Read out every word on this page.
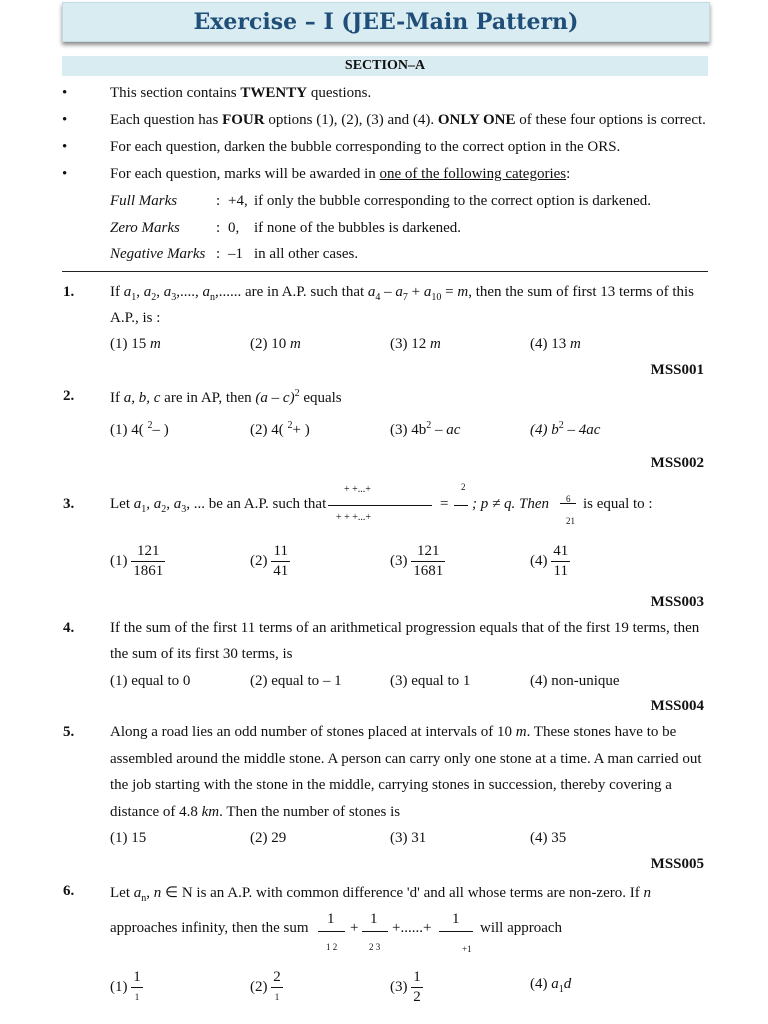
Exercise – I (JEE-Main Pattern)
SECTION–A
•	This section contains TWENTY questions.
•	Each question has FOUR options (1), (2), (3) and (4). ONLY ONE of these four options is correct.
•	For each question, darken the bubble corresponding to the correct option in the ORS.
•	For each question, marks will be awarded in one of the following categories:
Full Marks	: +4, if only the bubble corresponding to the correct option is darkened.
Zero Marks : 0, if none of the bubbles is darkened.
Negative Marks : –1 in all other cases.
1. If $a_1$, $a_2$, $a_3$,...., $a_n$,...... are in A.P. such that $a_4 - a_7 + a_{10} = m$, then the sum of first 13 terms of this
A.P., is :
(1) 15 m	(2) 10 m	(3) 12 m	(4) 13 m
MSS001
2. If a, b, c are in AP, then (a – c)$^2$ equals
(1) 4( $^2$– )	(2) 4( $^2$+ )	(3) $4b^2$ – ac	(4) $b^2 - 4ac$
MSS002
3. Let $a_1$, $a_2$, $a_3$, ... be an A.P. such that
+ +...+
+ + +...+
=
2
; p ≠ q. Then 6
21
is equal to :
$(1) \frac{121}{1861}$	$(2) \frac{11}{41}$	$(3) \frac{121}{1681}$	$(4) \frac{41}{11}$
MSS003
4. If the sum of the first 11 terms of an arithmetical progression equals that of the first 19 terms, then
the sum of its first 30 terms, is
(1) equal to 0	(2) equal to – 1	(3) equal to 1	(4) non-unique
MSS004
5. Along a road lies an odd number of stones placed at intervals of 10 m. These stones have to be
assembled around the middle stone. A person can carry only one stone at a time. A man carried out
the job starting with the stone in the middle, carrying stones in succession, thereby covering a
distance of 4.8 km. Then the number of stones is
(1) 15	(2) 29	(3) 31	(4) 35
MSS005
6. Let $a_n$, n ∈ N is an A.P. with common difference 'd' and all whose terms are non-zero. If n
approaches infinity, then the sum
1
1 2
+
1
2 3
+......+
1
+1
will approach
$(1) \frac{1}{1}$	$(2) \frac{2}{1}$	$(3) \frac{1}{2}$	(4) $a_1d$
